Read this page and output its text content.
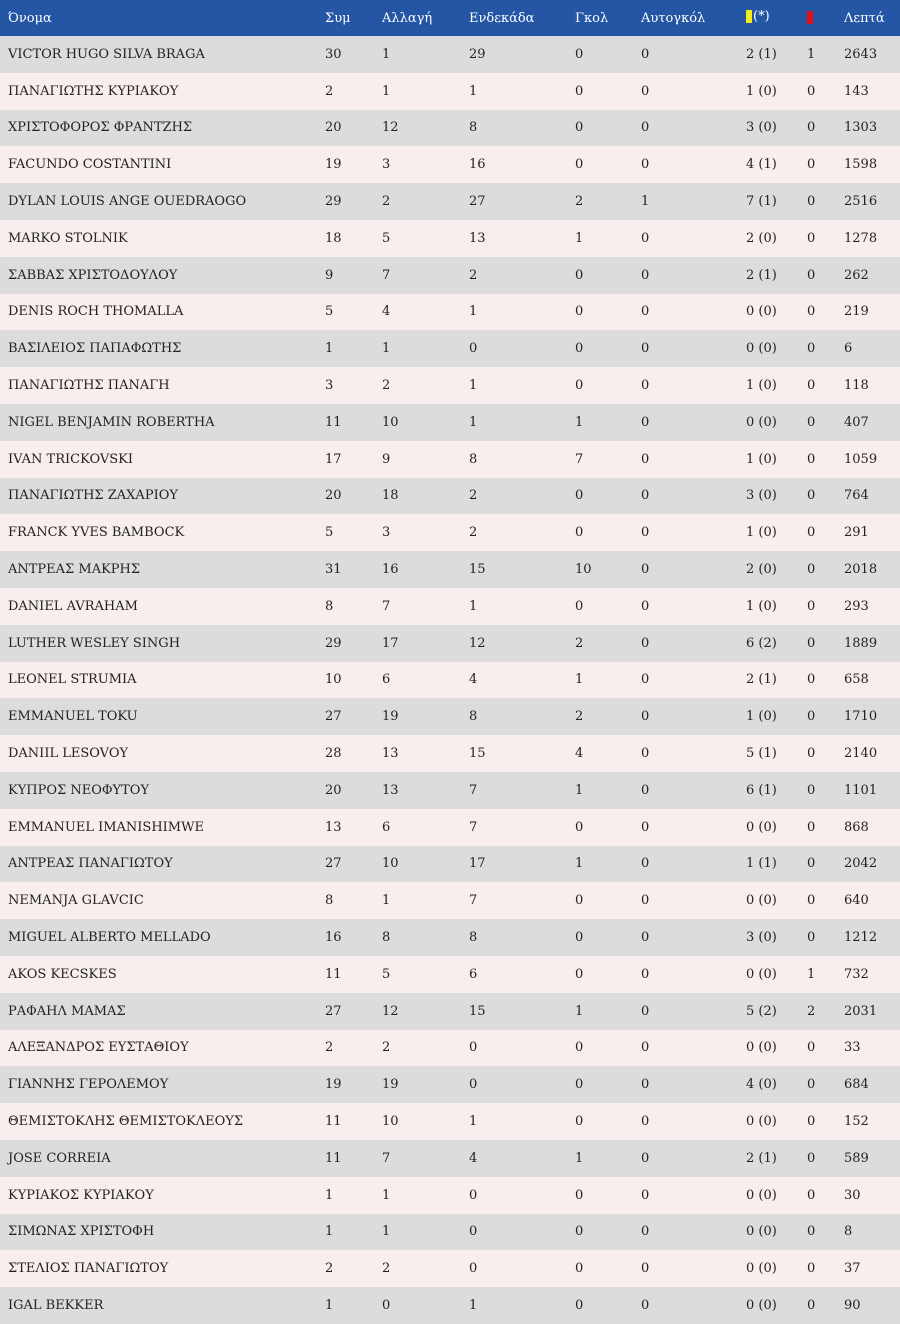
Όνομα	Συμ	Αλλαγή	Ενδεκάδα	Γκολ	Αυτογκόλ	(*)		Λεπτά
VICTOR HUGO SILVA BRAGA	30	1	29	0	0	2 (1)	1	2643
ΠΑΝΑΓΙΩΤΗΣ ΚΥΡΙΑΚΟΥ	2	1	1	0	0	1 (0)	0	143
ΧΡΙΣΤΟΦΟΡΟΣ ΦΡΑΝΤΖΗΣ	20	12	8	0	0	3 (0)	0	1303
FACUNDO COSTANTINI	19	3	16	0	0	4 (1)	0	1598
DYLAN LOUIS ANGE OUEDRAOGO	29	2	27	2	1	7 (1)	0	2516
MARKO STOLNIK	18	5	13	1	0	2 (0)	0	1278
ΣΑΒΒΑΣ ΧΡΙΣΤΟΔΟΥΛΟΥ	9	7	2	0	0	2 (1)	0	262
DENIS ROCH THOMALLA	5	4	1	0	0	0 (0)	0	219
ΒΑΣΙΛΕΙΟΣ ΠΑΠΑΦΩΤΗΣ	1	1	0	0	0	0 (0)	0	6
ΠΑΝΑΓΙΩΤΗΣ ΠΑΝΑΓΗ	3	2	1	0	0	1 (0)	0	118
NIGEL BENJAMIN ROBERTHA	11	10	1	1	0	0 (0)	0	407
IVAN TRICKOVSKI	17	9	8	7	0	1 (0)	0	1059
ΠΑΝΑΓΙΩΤΗΣ ΖΑΧΑΡΙΟΥ	20	18	2	0	0	3 (0)	0	764
FRANCK YVES BAMBOCK	5	3	2	0	0	1 (0)	0	291
ΑΝΤΡΕΑΣ ΜΑΚΡΗΣ	31	16	15	10	0	2 (0)	0	2018
DANIEL AVRAHAM	8	7	1	0	0	1 (0)	0	293
LUTHER WESLEY SINGH	29	17	12	2	0	6 (2)	0	1889
LEONEL STRUMIA	10	6	4	1	0	2 (1)	0	658
EMMANUEL TOKU	27	19	8	2	0	1 (0)	0	1710
DANIIL LESOVOY	28	13	15	4	0	5 (1)	0	2140
ΚΥΠΡΟΣ ΝΕΟΦΥΤΟΥ	20	13	7	1	0	6 (1)	0	1101
EMMANUEL IMANISHIMWE	13	6	7	0	0	0 (0)	0	868
ΑΝΤΡΕΑΣ ΠΑΝΑΓΙΩΤΟΥ	27	10	17	1	0	1 (1)	0	2042
NEMANJA GLAVCIC	8	1	7	0	0	0 (0)	0	640
MIGUEL ALBERTO MELLADO	16	8	8	0	0	3 (0)	0	1212
AKOS KECSKES	11	5	6	0	0	0 (0)	1	732
ΡΑΦΑΗΛ ΜΑΜΑΣ	27	12	15	1	0	5 (2)	2	2031
ΑΛΕΞΑΝΔΡΟΣ ΕΥΣΤΑΘΙΟΥ	2	2	0	0	0	0 (0)	0	33
ΓΙΑΝΝΗΣ ΓΕΡΟΛΕΜΟΥ	19	19	0	0	0	4 (0)	0	684
ΘΕΜΙΣΤΟΚΛΗΣ ΘΕΜΙΣΤΟΚΛΕΟΥΣ	11	10	1	0	0	0 (0)	0	152
JOSE CORREIA	11	7	4	1	0	2 (1)	0	589
ΚΥΡΙΑΚΟΣ ΚΥΡΙΑΚΟΥ	1	1	0	0	0	0 (0)	0	30
ΣΙΜΩΝΑΣ ΧΡΙΣΤΟΦΗ	1	1	0	0	0	0 (0)	0	8
ΣΤΕΛΙΟΣ ΠΑΝΑΓΙΩΤΟΥ	2	2	0	0	0	0 (0)	0	37
IGAL BEKKER	1	0	1	0	0	0 (0)	0	90
